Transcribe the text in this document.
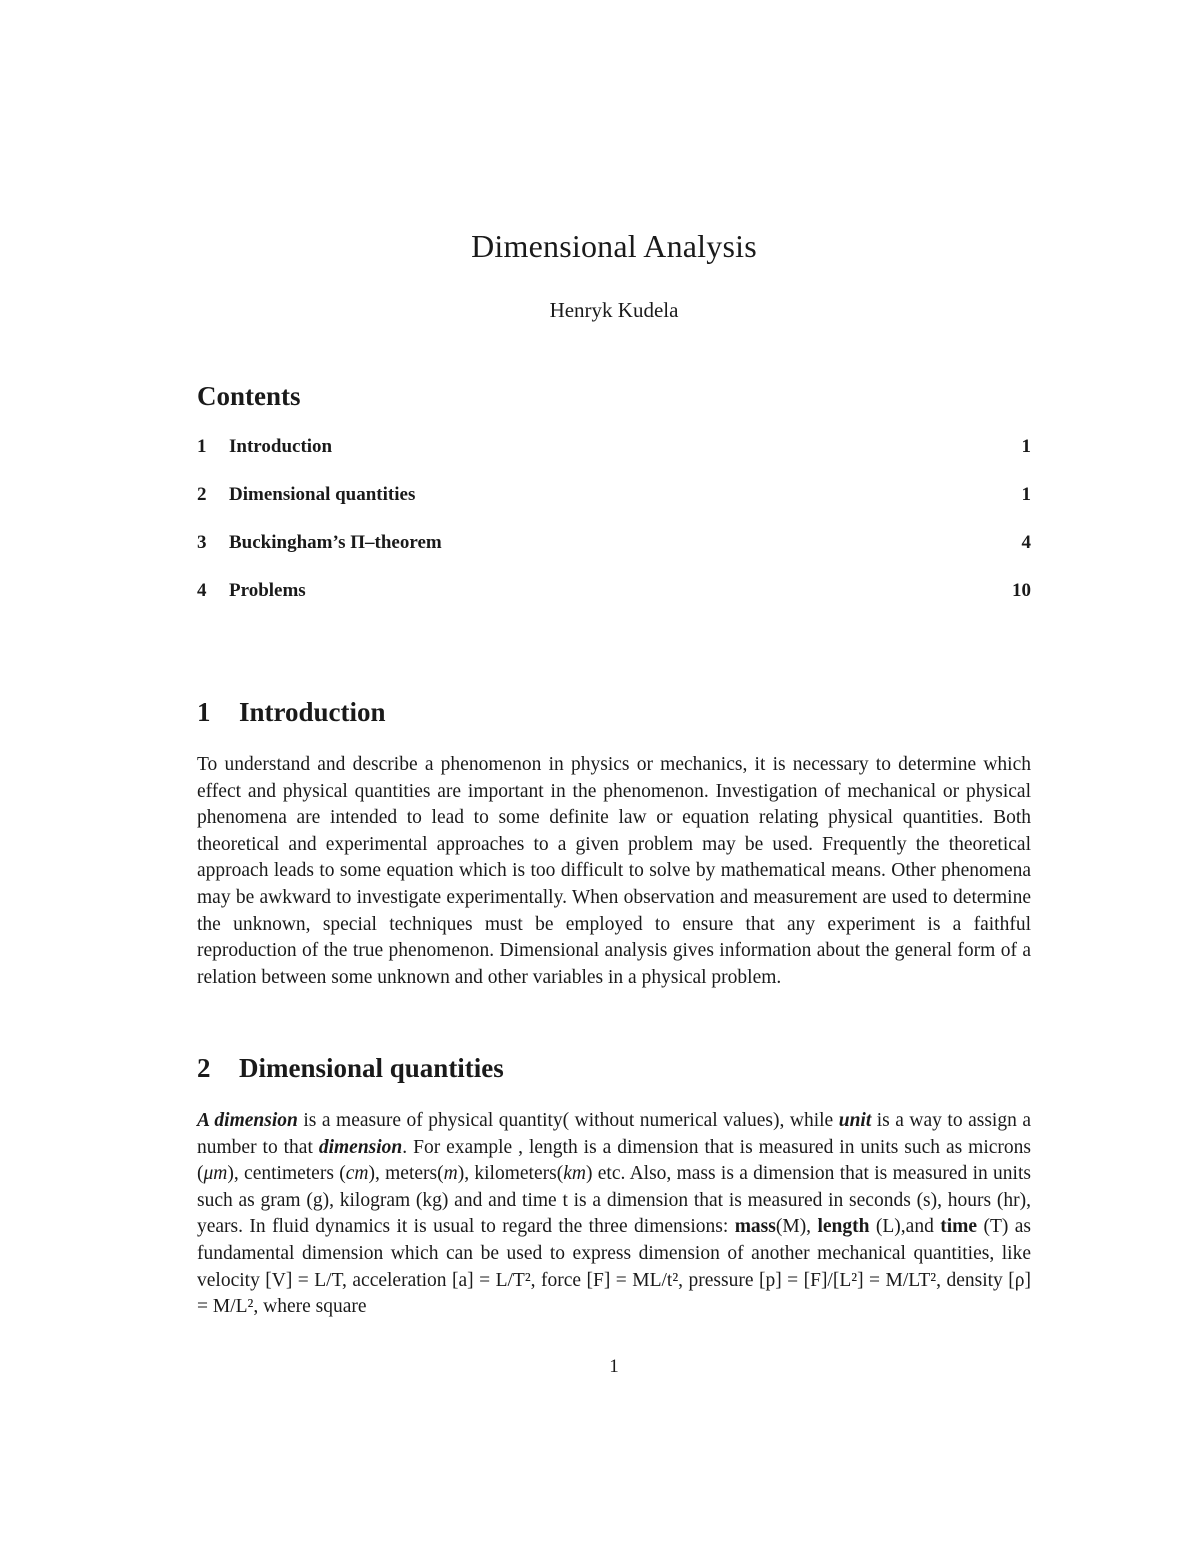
Dimensional Analysis

Henryk Kudela

Contents
1	Introduction	1
2	Dimensional quantities	1
3	Buckingham’s Π–theorem	4
4	Problems	10
1 Introduction

To understand and describe a phenomenon in physics or mechanics, it is necessary to determine which effect and physical quantities are important in the phenomenon. Investigation of mechanical or physical phenomena are intended to lead to some definite law or equation relating physical quantities. Both theoretical and experimental approaches to a given problem may be used. Frequently the theoretical approach leads to some equation which is too difficult to solve by mathematical means. Other phenomena may be awkward to investigate experimentally. When observation and measurement are used to determine the unknown, special techniques must be employed to ensure that any experiment is a faithful reproduction of the true phenomenon. Dimensional analysis gives information about the general form of a relation between some unknown and other variables in a physical problem.

2 Dimensional quantities

A dimension is a measure of physical quantity( without numerical values), while unit is a way to assign a number to that dimension. For example , length is a dimension that is measured in units such as microns (μm), centimeters (cm), meters(m), kilometers(km) etc. Also, mass is a dimension that is measured in units such as gram (g), kilogram (kg) and and time t is a dimension that is measured in seconds (s), hours (hr), years. In fluid dynamics it is usual to regard the three dimensions: mass(M), length (L),and time (T) as fundamental dimension which can be used to express dimension of another mechanical quantities, like velocity [V] = L/T, acceleration [a] = L/T², force [F] = ML/t², pressure [p] = [F]/[L²] = M/LT², density [ρ] = M/L², where square

1
